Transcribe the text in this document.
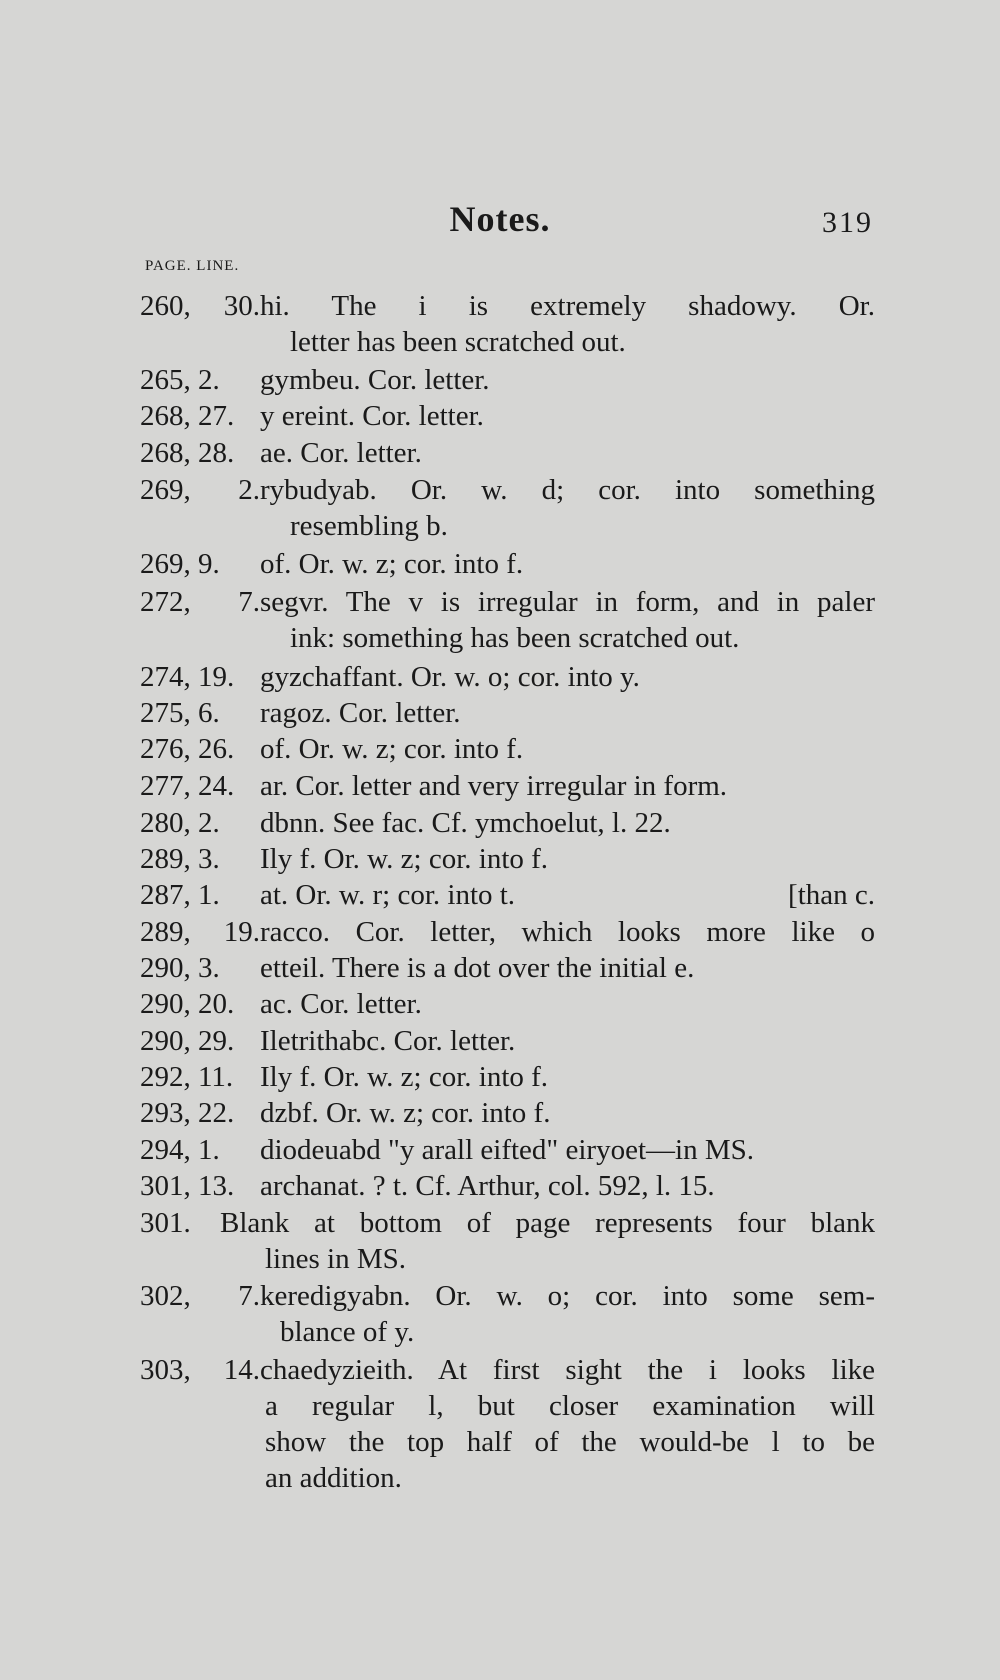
Notes.	319
PAGE. LINE.
260, 30.hi. The i is extremely shadowy. Or.
letter has been scratched out.
265, 2. gymbeu. Cor. letter.
268, 27. y ereint. Cor. letter.
268, 28. ae. Cor. letter.
269, 2.rybudyab. Or. w. d; cor. into something
resembling b.
269, 9. of. Or. w. z; cor. into f.
272, 7.segvr. The v is irregular in form, and in paler
ink: something has been scratched out.
274, 19. gyzchaffant. Or. w. o; cor. into y.
275, 6. ragoz. Cor. letter.
276, 26. of. Or. w. z; cor. into f.
277, 24. ar. Cor. letter and very irregular in form.
280, 2. dbnn. See fac. Cf. ymchoelut, l. 22.
289, 3. Ily f. Or. w. z; cor. into f.
287, 1. at. Or. w. r; cor. into t.	[than c.
289, 19.racco. Cor. letter, which looks more like o
290, 3. etteil. There is a dot over the initial e.
290, 20. ac. Cor. letter.
290, 29. Iletrithabc. Cor. letter.
292, 11. Ily f. Or. w. z; cor. into f.
293, 22. dzbf. Or. w. z; cor. into f.
294, 1. diodeuabd "y arall eifted" eiryoet—in MS.
301, 13. archanat. ? t. Cf. Arthur, col. 592, l. 15.
301. Blank at bottom of page represents four blank
lines in MS.
302, 7.keredigyabn. Or. w. o; cor. into some sem-
blance of y.
303, 14.chaedyzieith. At first sight the i looks like
a regular l, but closer examination will
show the top half of the would-be l to be
an addition.
